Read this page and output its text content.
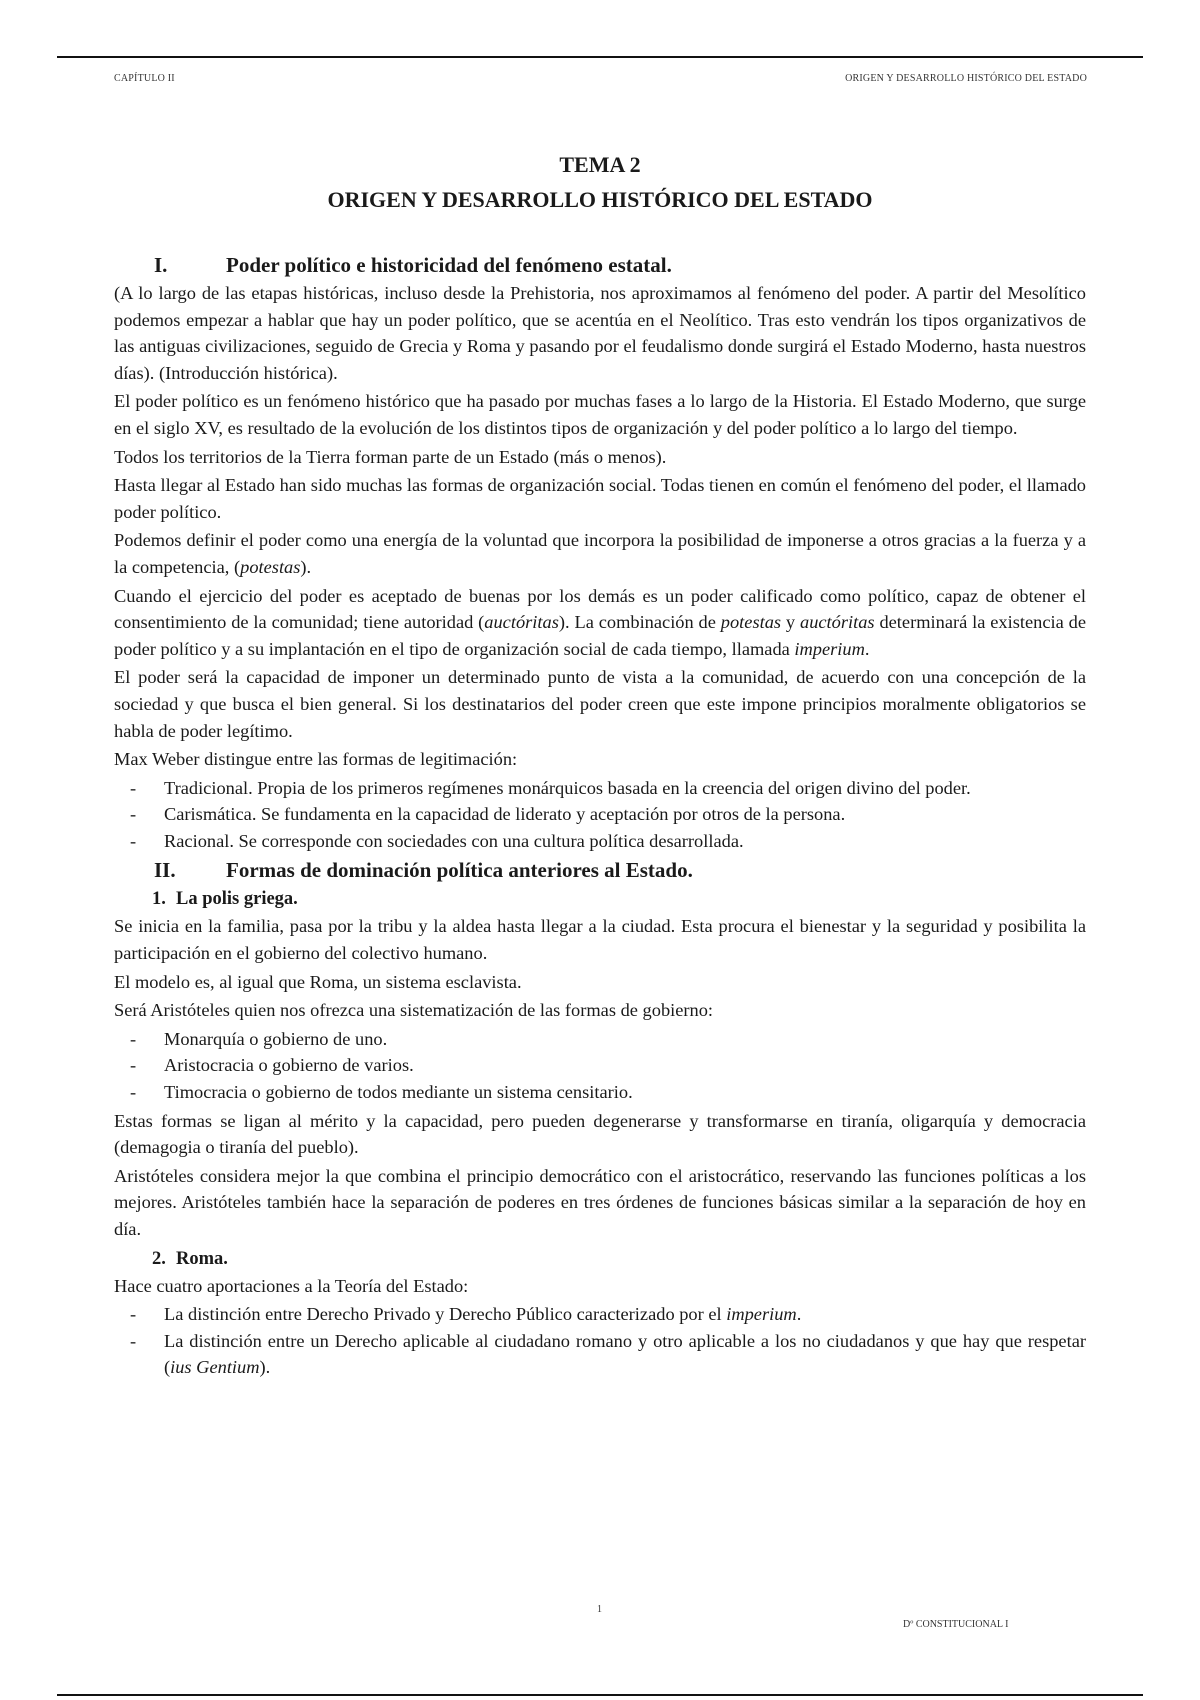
CAPÍTULO II	ORIGEN Y DESARROLLO HISTÓRICO DEL ESTADO
TEMA 2
ORIGEN Y DESARROLLO HISTÓRICO DEL ESTADO
I.	Poder político e historicidad del fenómeno estatal.

(A lo largo de las etapas históricas, incluso desde la Prehistoria, nos aproximamos al fenómeno del poder. A partir del Mesolítico podemos empezar a hablar que hay un poder político, que se acentúa en el Neolítico. Tras esto vendrán los tipos organizativos de las antiguas civilizaciones, seguido de Grecia y Roma y pasando por el feudalismo donde surgirá el Estado Moderno, hasta nuestros días). (Introducción histórica).

El poder político es un fenómeno histórico que ha pasado por muchas fases a lo largo de la Historia. El Estado Moderno, que surge en el siglo XV, es resultado de la evolución de los distintos tipos de organización y del poder político a lo largo del tiempo.

Todos los territorios de la Tierra forman parte de un Estado (más o menos).

Hasta llegar al Estado han sido muchas las formas de organización social. Todas tienen en común el fenómeno del poder, el llamado poder político.

Podemos definir el poder como una energía de la voluntad que incorpora la posibilidad de imponerse a otros gracias a la fuerza y a la competencia, (potestas).

Cuando el ejercicio del poder es aceptado de buenas por los demás es un poder calificado como político, capaz de obtener el consentimiento de la comunidad; tiene autoridad (auctóritas). La combinación de potestas y auctóritas determinará la existencia de poder político y a su implantación en el tipo de organización social de cada tiempo, llamada imperium.

El poder será la capacidad de imponer un determinado punto de vista a la comunidad, de acuerdo con una concepción de la sociedad y que busca el bien general. Si los destinatarios del poder creen que este impone principios moralmente obligatorios se habla de poder legítimo.

Max Weber distingue entre las formas de legitimación:

- Tradicional. Propia de los primeros regímenes monárquicos basada en la creencia del origen divino del poder.
- Carismática. Se fundamenta en la capacidad de liderato y aceptación por otros de la persona.
- Racional. Se corresponde con sociedades con una cultura política desarrollada.
II. Formas de dominación política anteriores al Estado.
1. La polis griega.

Se inicia en la familia, pasa por la tribu y la aldea hasta llegar a la ciudad. Esta procura el bienestar y la seguridad y posibilita la participación en el gobierno del colectivo humano.

El modelo es, al igual que Roma, un sistema esclavista.

Será Aristóteles quien nos ofrezca una sistematización de las formas de gobierno:

- Monarquía o gobierno de uno.
- Aristocracia o gobierno de varios.
- Timocracia o gobierno de todos mediante un sistema censitario.

Estas formas se ligan al mérito y la capacidad, pero pueden degenerarse y transformarse en tiranía, oligarquía y democracia (demagogia o tiranía del pueblo).

Aristóteles considera mejor la que combina el principio democrático con el aristocrático, reservando las funciones políticas a los mejores. Aristóteles también hace la separación de poderes en tres órdenes de funciones básicas similar a la separación de hoy en día.

2. Roma.

Hace cuatro aportaciones a la Teoría del Estado:

- La distinción entre Derecho Privado y Derecho Público caracterizado por el imperium.
- La distinción entre un Derecho aplicable al ciudadano romano y otro aplicable a los no ciudadanos y que hay que respetar (ius Gentium).
1
Dº CONSTITUCIONAL I
